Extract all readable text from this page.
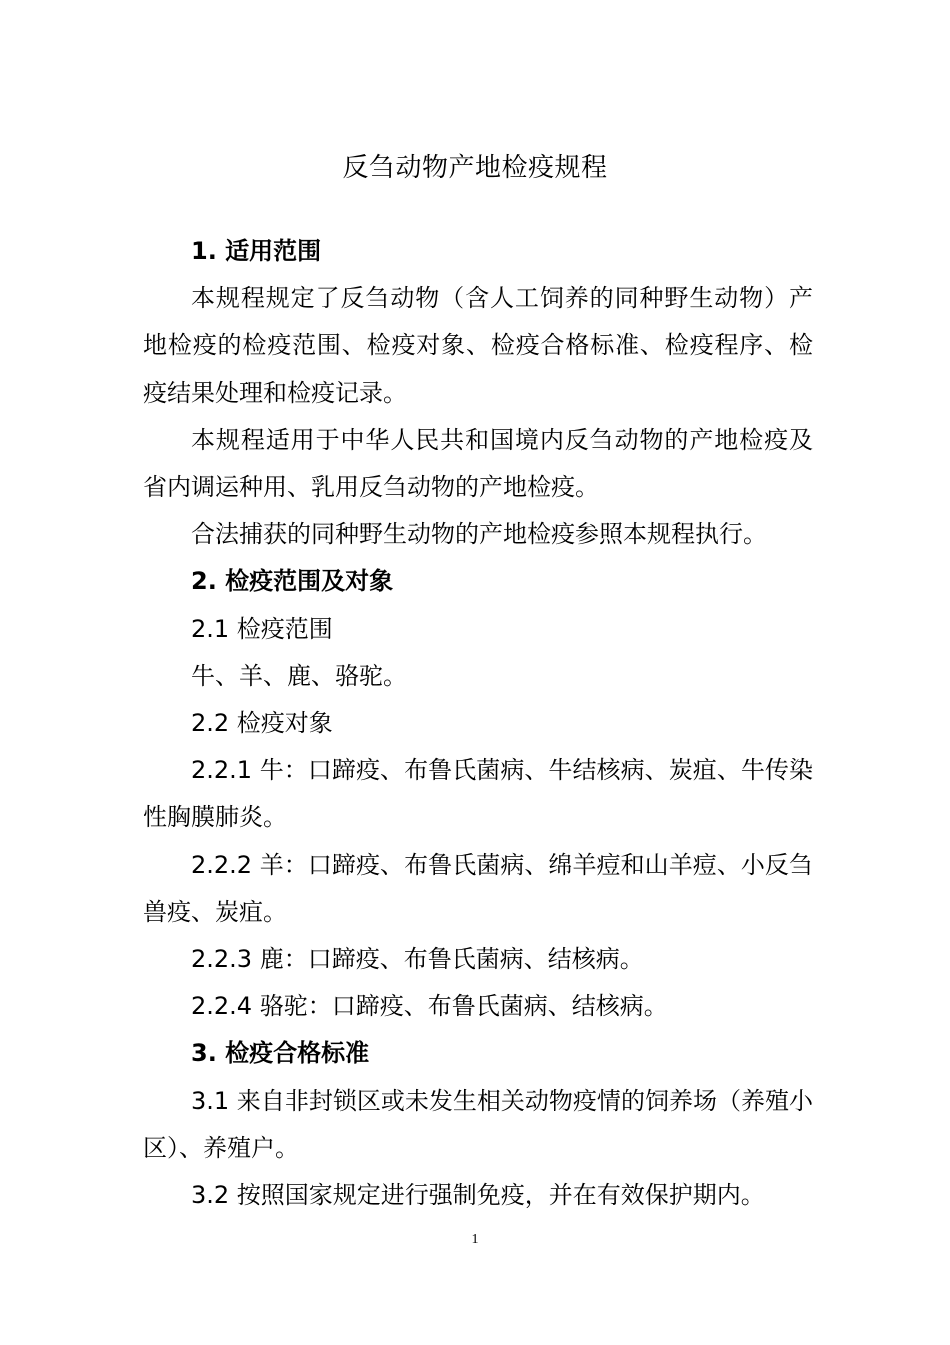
反刍动物产地检疫规程

1. 适用范围

本规程规定了反刍动物（含人工饲养的同种野生动物）产地检疫的检疫范围、检疫对象、检疫合格标准、检疫程序、检疫结果处理和检疫记录。

本规程适用于中华人民共和国境内反刍动物的产地检疫及省内调运种用、乳用反刍动物的产地检疫。

合法捕获的同种野生动物的产地检疫参照本规程执行。

2. 检疫范围及对象

2.1 检疫范围

牛、羊、鹿、骆驼。

2.2 检疫对象

2.2.1 牛：口蹄疫、布鲁氏菌病、牛结核病、炭疽、牛传染性胸膜肺炎。

2.2.2 羊：口蹄疫、布鲁氏菌病、绵羊痘和山羊痘、小反刍兽疫、炭疽。

2.2.3 鹿：口蹄疫、布鲁氏菌病、结核病。

2.2.4 骆驼：口蹄疫、布鲁氏菌病、结核病。

3. 检疫合格标准

3.1 来自非封锁区或未发生相关动物疫情的饲养场（养殖小区）、养殖户。

3.2 按照国家规定进行强制免疫，并在有效保护期内。

1
